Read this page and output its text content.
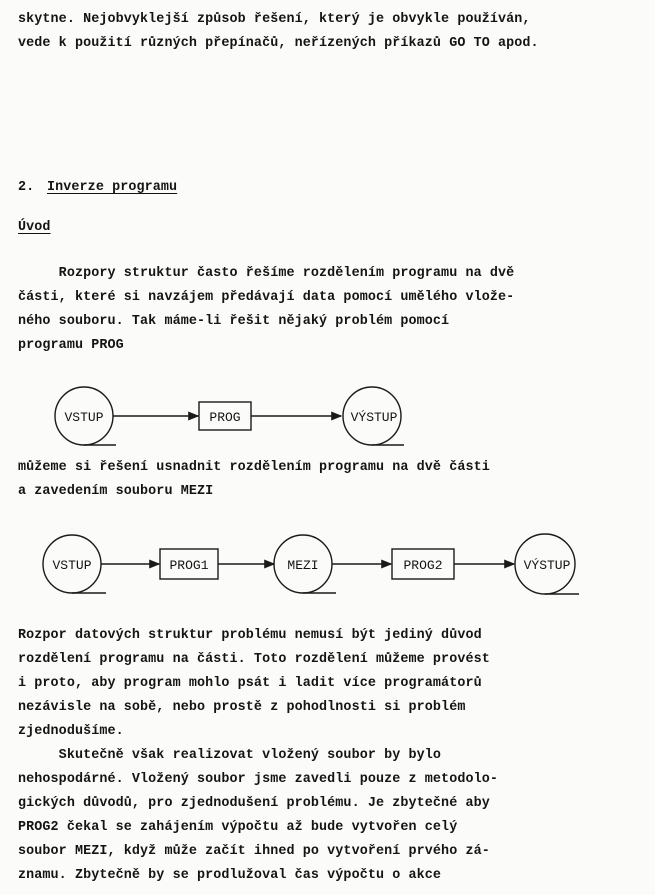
skytne. Nejobvyklejší způsob řešení, který je obvykle používán,
vede k použití různých přepínačů, neřízených příkazů GO TO apod.
2. Inverze programu
Úvod
Rozpory struktur často řešíme rozdělením programu na dvě
části, které si navzájem předávají data pomocí umělého vlože-
ného souboru. Tak máme-li řešit nějaký problém pomocí
programu PROG
VSTUP	PROG	VÝSTUP
můžeme si řešení usnadnit rozdělením programu na dvě části
a zavedením souboru MEZI
VSTUP	PROG1	MEZI	PROG2	VÝSTUP
Rozpor datových struktur problému nemusí být jediný důvod
rozdělení programu na části. Toto rozdělení můžeme provést
i proto, aby program mohlo psát i ladit více programátorů
nezávisle na sobě, nebo prostě z pohodlnosti si problém
zjednodušíme.
Skutečně však realizovat vložený soubor by bylo
nehospodárné. Vložený soubor jsme zavedli pouze z metodolo-
gických důvodů, pro zjednodušení problému. Je zbytečné aby
PROG2 čekal se zahájením výpočtu až bude vytvořen celý
soubor MEZI, když může začít ihned po vytvoření prvého zá-
znamu. Zbytečně by se prodlužoval čas výpočtu o akce
